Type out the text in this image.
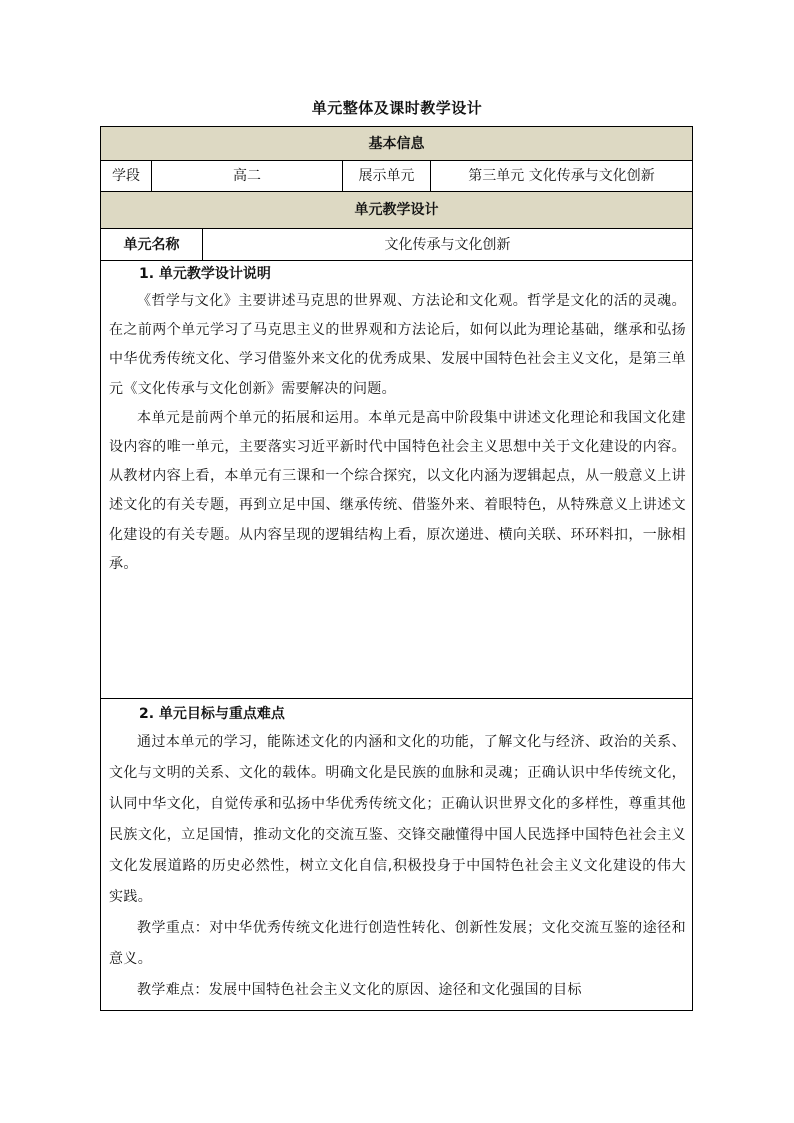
单元整体及课时教学设计
基本信息
学段	高二	展示单元	第三单元 文化传承与文化创新
单元教学设计
单元名称	文化传承与文化创新
1. 单元教学设计说明

《哲学与文化》主要讲述马克思的世界观、方法论和文化观。哲学是文化的活的灵魂。在之前两个单元学习了马克思主义的世界观和方法论后，如何以此为理论基础，继承和弘扬中华优秀传统文化、学习借鉴外来文化的优秀成果、发展中国特色社会主义文化，是第三单元《文化传承与文化创新》需要解决的问题。

本单元是前两个单元的拓展和运用。本单元是高中阶段集中讲述文化理论和我国文化建设内容的唯一单元，主要落实习近平新时代中国特色社会主义思想中关于文化建设的内容。从教材内容上看，本单元有三课和一个综合探究，以文化内涵为逻辑起点，从一般意义上讲述文化的有关专题，再到立足中国、继承传统、借鉴外来、着眼特色，从特殊意义上讲述文化建设的有关专题。从内容呈现的逻辑结构上看，原次递进、横向关联、环环料扣，一脉相承。

2. 单元目标与重点难点

通过本单元的学习，能陈述文化的内涵和文化的功能，了解文化与经济、政治的关系、文化与文明的关系、文化的载体。明确文化是民族的血脉和灵魂；正确认识中华传统文化，认同中华文化，自觉传承和弘扬中华优秀传统文化；正确认识世界文化的多样性，尊重其他民族文化，立足国情，推动文化的交流互鉴、交锋交融懂得中国人民选择中国特色社会主义文化发展道路的历史必然性，树立文化自信,积极投身于中国特色社会主义文化建设的伟大实践。

教学重点：对中华优秀传统文化进行创造性转化、创新性发展；文化交流互鉴的途径和意义。

教学难点：发展中国特色社会主义文化的原因、途径和文化强国的目标
